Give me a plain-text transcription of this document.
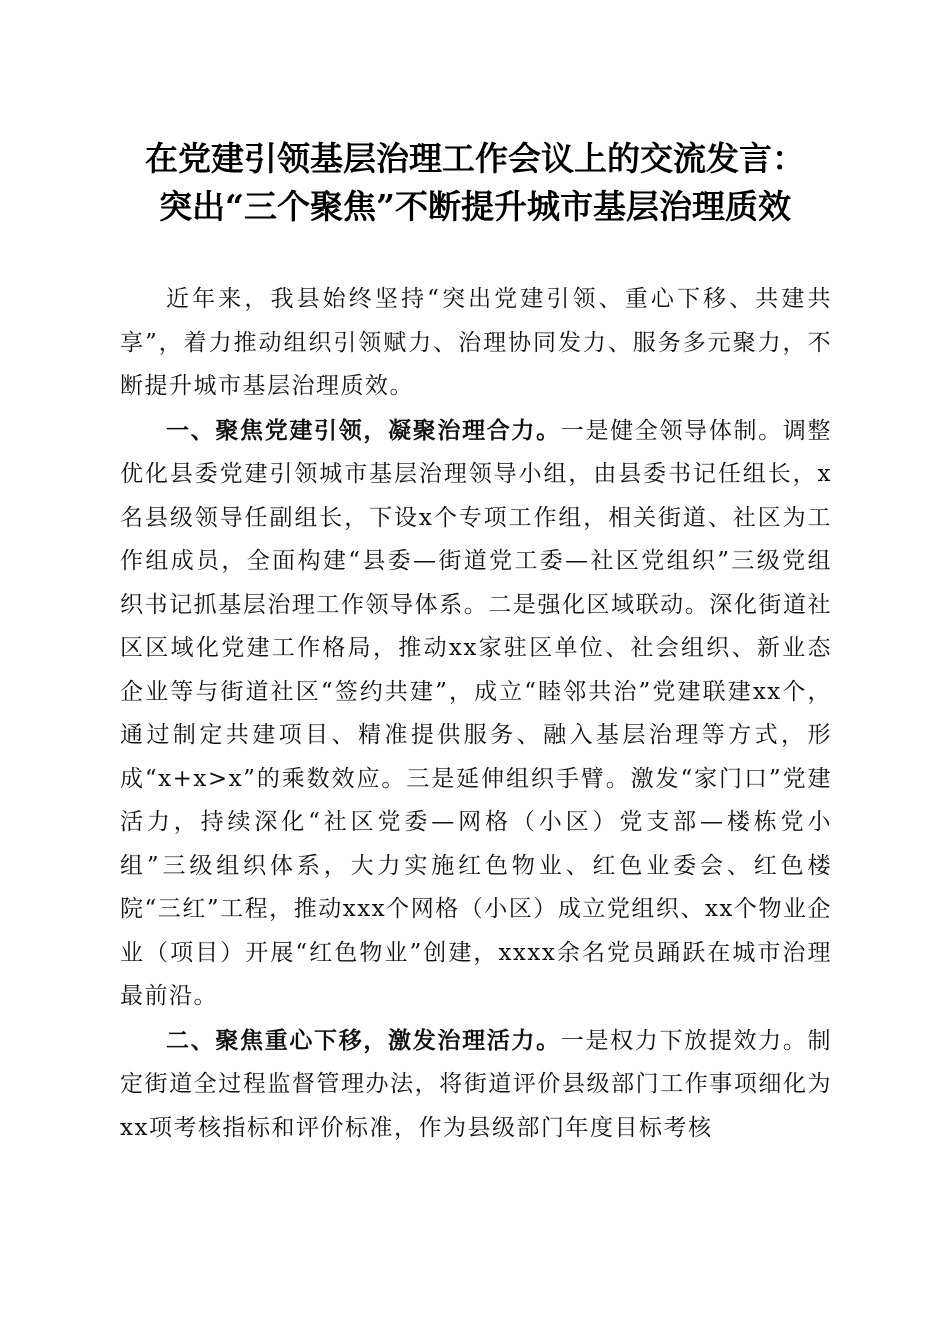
在党建引领基层治理工作会议上的交流发言：
突出“三个聚焦”不断提升城市基层治理质效

近年来，我县始终坚持“突出党建引领、重心下移、共建共享”，着力推动组织引领赋力、治理协同发力、服务多元聚力，不断提升城市基层治理质效。

一、聚焦党建引领，凝聚治理合力。一是健全领导体制。调整优化县委党建引领城市基层治理领导小组，由县委书记任组长，x名县级领导任副组长，下设x个专项工作组，相关街道、社区为工作组成员，全面构建“县委—街道党工委—社区党组织”三级党组织书记抓基层治理工作领导体系。二是强化区域联动。深化街道社区区域化党建工作格局，推动xx家驻区单位、社会组织、新业态企业等与街道社区“签约共建”，成立“睦邻共治”党建联建xx个，通过制定共建项目、精准提供服务、融入基层治理等方式，形成“x+x>x”的乘数效应。三是延伸组织手臂。激发“家门口”党建活力，持续深化“社区党委—网格（小区）党支部—楼栋党小组”三级组织体系，大力实施红色物业、红色业委会、红色楼院“三红”工程，推动xxx个网格（小区）成立党组织、xx个物业企业（项目）开展“红色物业”创建，xxxx余名党员踊跃在城市治理最前沿。

二、聚焦重心下移，激发治理活力。一是权力下放提效力。制定街道全过程监督管理办法，将街道评价县级部门工作事项细化为xx项考核指标和评价标准，作为县级部门年度目标考核
